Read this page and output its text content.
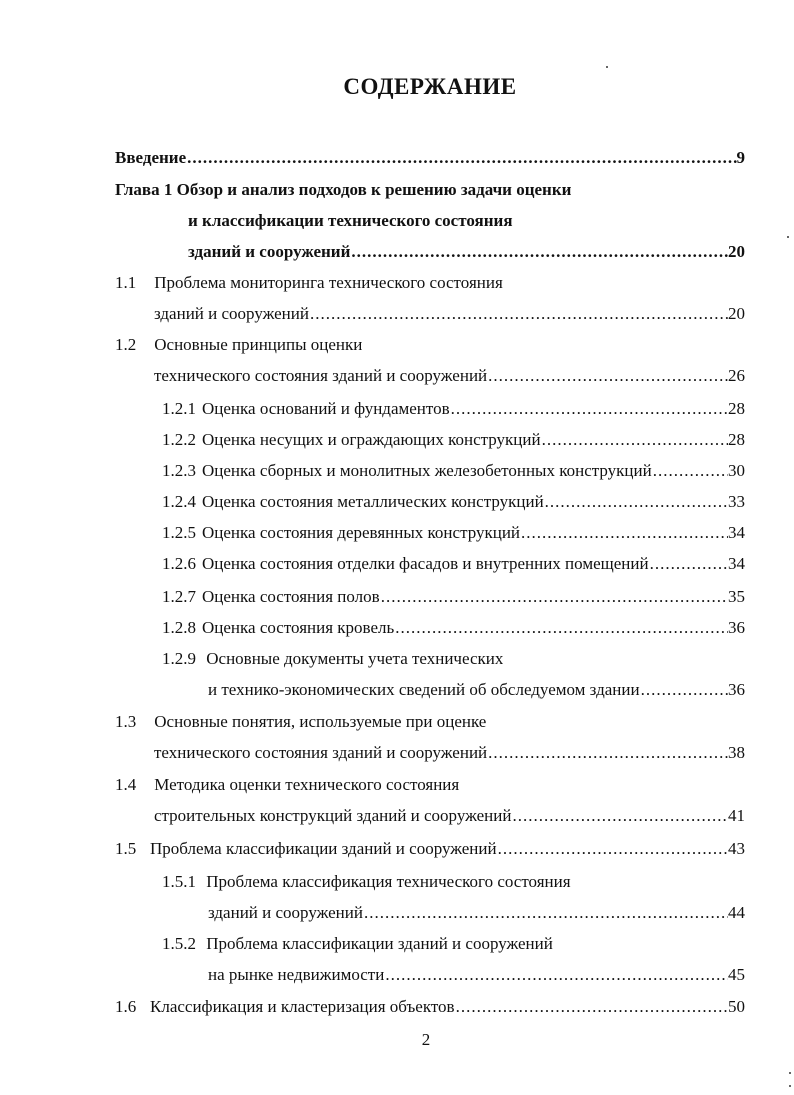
СОДЕРЖАНИЕ
Введение .....	9
Глава 1 Обзор и анализ подходов к решению задачи оценки
и классификации технического состояния
зданий и сооружений .....	20
1.1 Проблема мониторинга технического состояния
зданий и сооружений .....	20
1.2 Основные принципы оценки
технического состояния зданий и сооружений .....	26
1.2.1 Оценка оснований и фундаментов .....	28
1.2.2 Оценка несущих и ограждающих конструкций .....	28
1.2.3 Оценка сборных и монолитных железобетонных конструкций .....	30
1.2.4 Оценка состояния металлических конструкций .....	33
1.2.5 Оценка состояния деревянных конструкций .....	34
1.2.6 Оценка состояния отделки фасадов и внутренних помещений .....	34
1.2.7 Оценка состояния полов .....	35
1.2.8 Оценка состояния кровель .....	36
1.2.9 Основные документы учета технических
и технико-экономических сведений об обследуемом здании .....	36
1.3 Основные понятия, используемые при оценке
технического состояния зданий и сооружений .....	38
1.4 Методика оценки технического состояния
строительных конструкций зданий и сооружений .....	41
1.5 Проблема классификации зданий и сооружений .....	43
1.5.1 Проблема классификация технического состояния
зданий и сооружений .....	44
1.5.2 Проблема классификации зданий и сооружений
на рынке недвижимости .....	45
1.6 Классификация и кластеризация объектов .....	50
2
